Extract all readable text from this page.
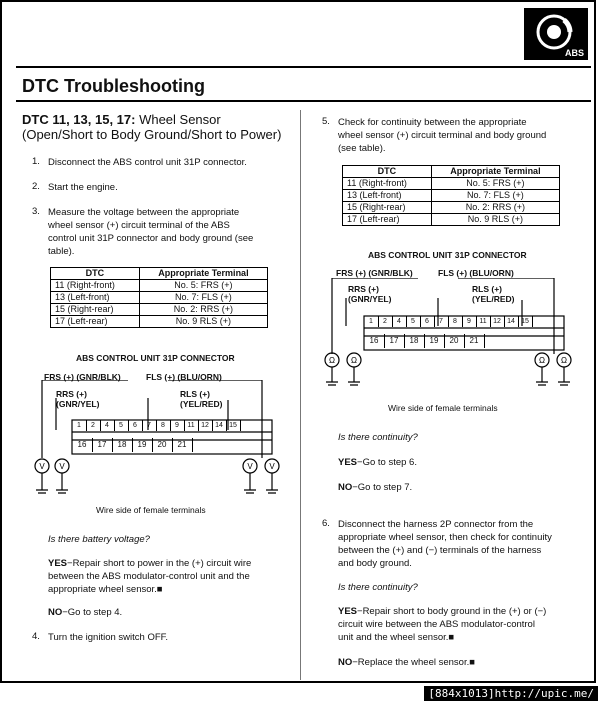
ABS
DTC Troubleshooting
DTC 11, 13, 15, 17: Wheel Sensor
(Open/Short to Body Ground/Short to Power)
1. Disconnect the ABS control unit 31P connector.
2. Start the engine.
3. Measure the voltage between the appropriate
wheel sensor (+) circuit terminal of the ABS
control unit 31P connector and body ground (see
table).
DTC	Appropriate Terminal
11 (Right-front)	No. 5: FRS (+)
13 (Left-front)	No. 7: FLS (+)
15 (Right-rear)	No. 2: RRS (+)
17 (Left-rear)	No. 9 RLS (+)
ABS CONTROL UNIT 31P CONNECTOR
FRS (+) (GNR/BLK)	FLS (+) (BLU/ORN)
RRS (+)
(GNR/YEL)
RLS (+)
(YEL/RED)
V V	V V
Wire side of female terminals
Is there battery voltage?
YES−Repair short to power in the (+) circuit wire
between the ABS modulator-control unit and the
appropriate wheel sensor.■
NO−Go to step 4.
4. Turn the ignition switch OFF.
5. Check for continuity between the appropriate
wheel sensor (+) circuit terminal and body ground
(see table).
DTC	Appropriate Terminal
11 (Right-front)	No. 5: FRS (+)
13 (Left-front)	No. 7: FLS (+)
15 (Right-rear)	No. 2: RRS (+)
17 (Left-rear)	No. 9 RLS (+)
ABS CONTROL UNIT 31P CONNECTOR
FRS (+) (GNR/BLK)	FLS (+) (BLU/ORN)
RRS (+)
(GNR/YEL)
RLS (+)
(YEL/RED)
Ω Ω	Ω Ω
Wire side of female terminals
Is there continuity?
YES−Go to step 6.
NO−Go to step 7.
6. Disconnect the harness 2P connector from the
appropriate wheel sensor, then check for continuity
between the (+) and (−) terminals of the harness
and body ground.
Is there continuity?
YES−Repair short to body ground in the (+) or (−)
circuit wire between the ABS modulator-control
unit and the wheel sensor.■
NO−Replace the wheel sensor.■
[884x1013]http://upic.me/
1	2	4	5	6	7	8	9	11 12 14 15
16	17	18	19	20	21
1	2	4	5	6	7	8	9	11 12 14 15
16	17	18	19	20	21
